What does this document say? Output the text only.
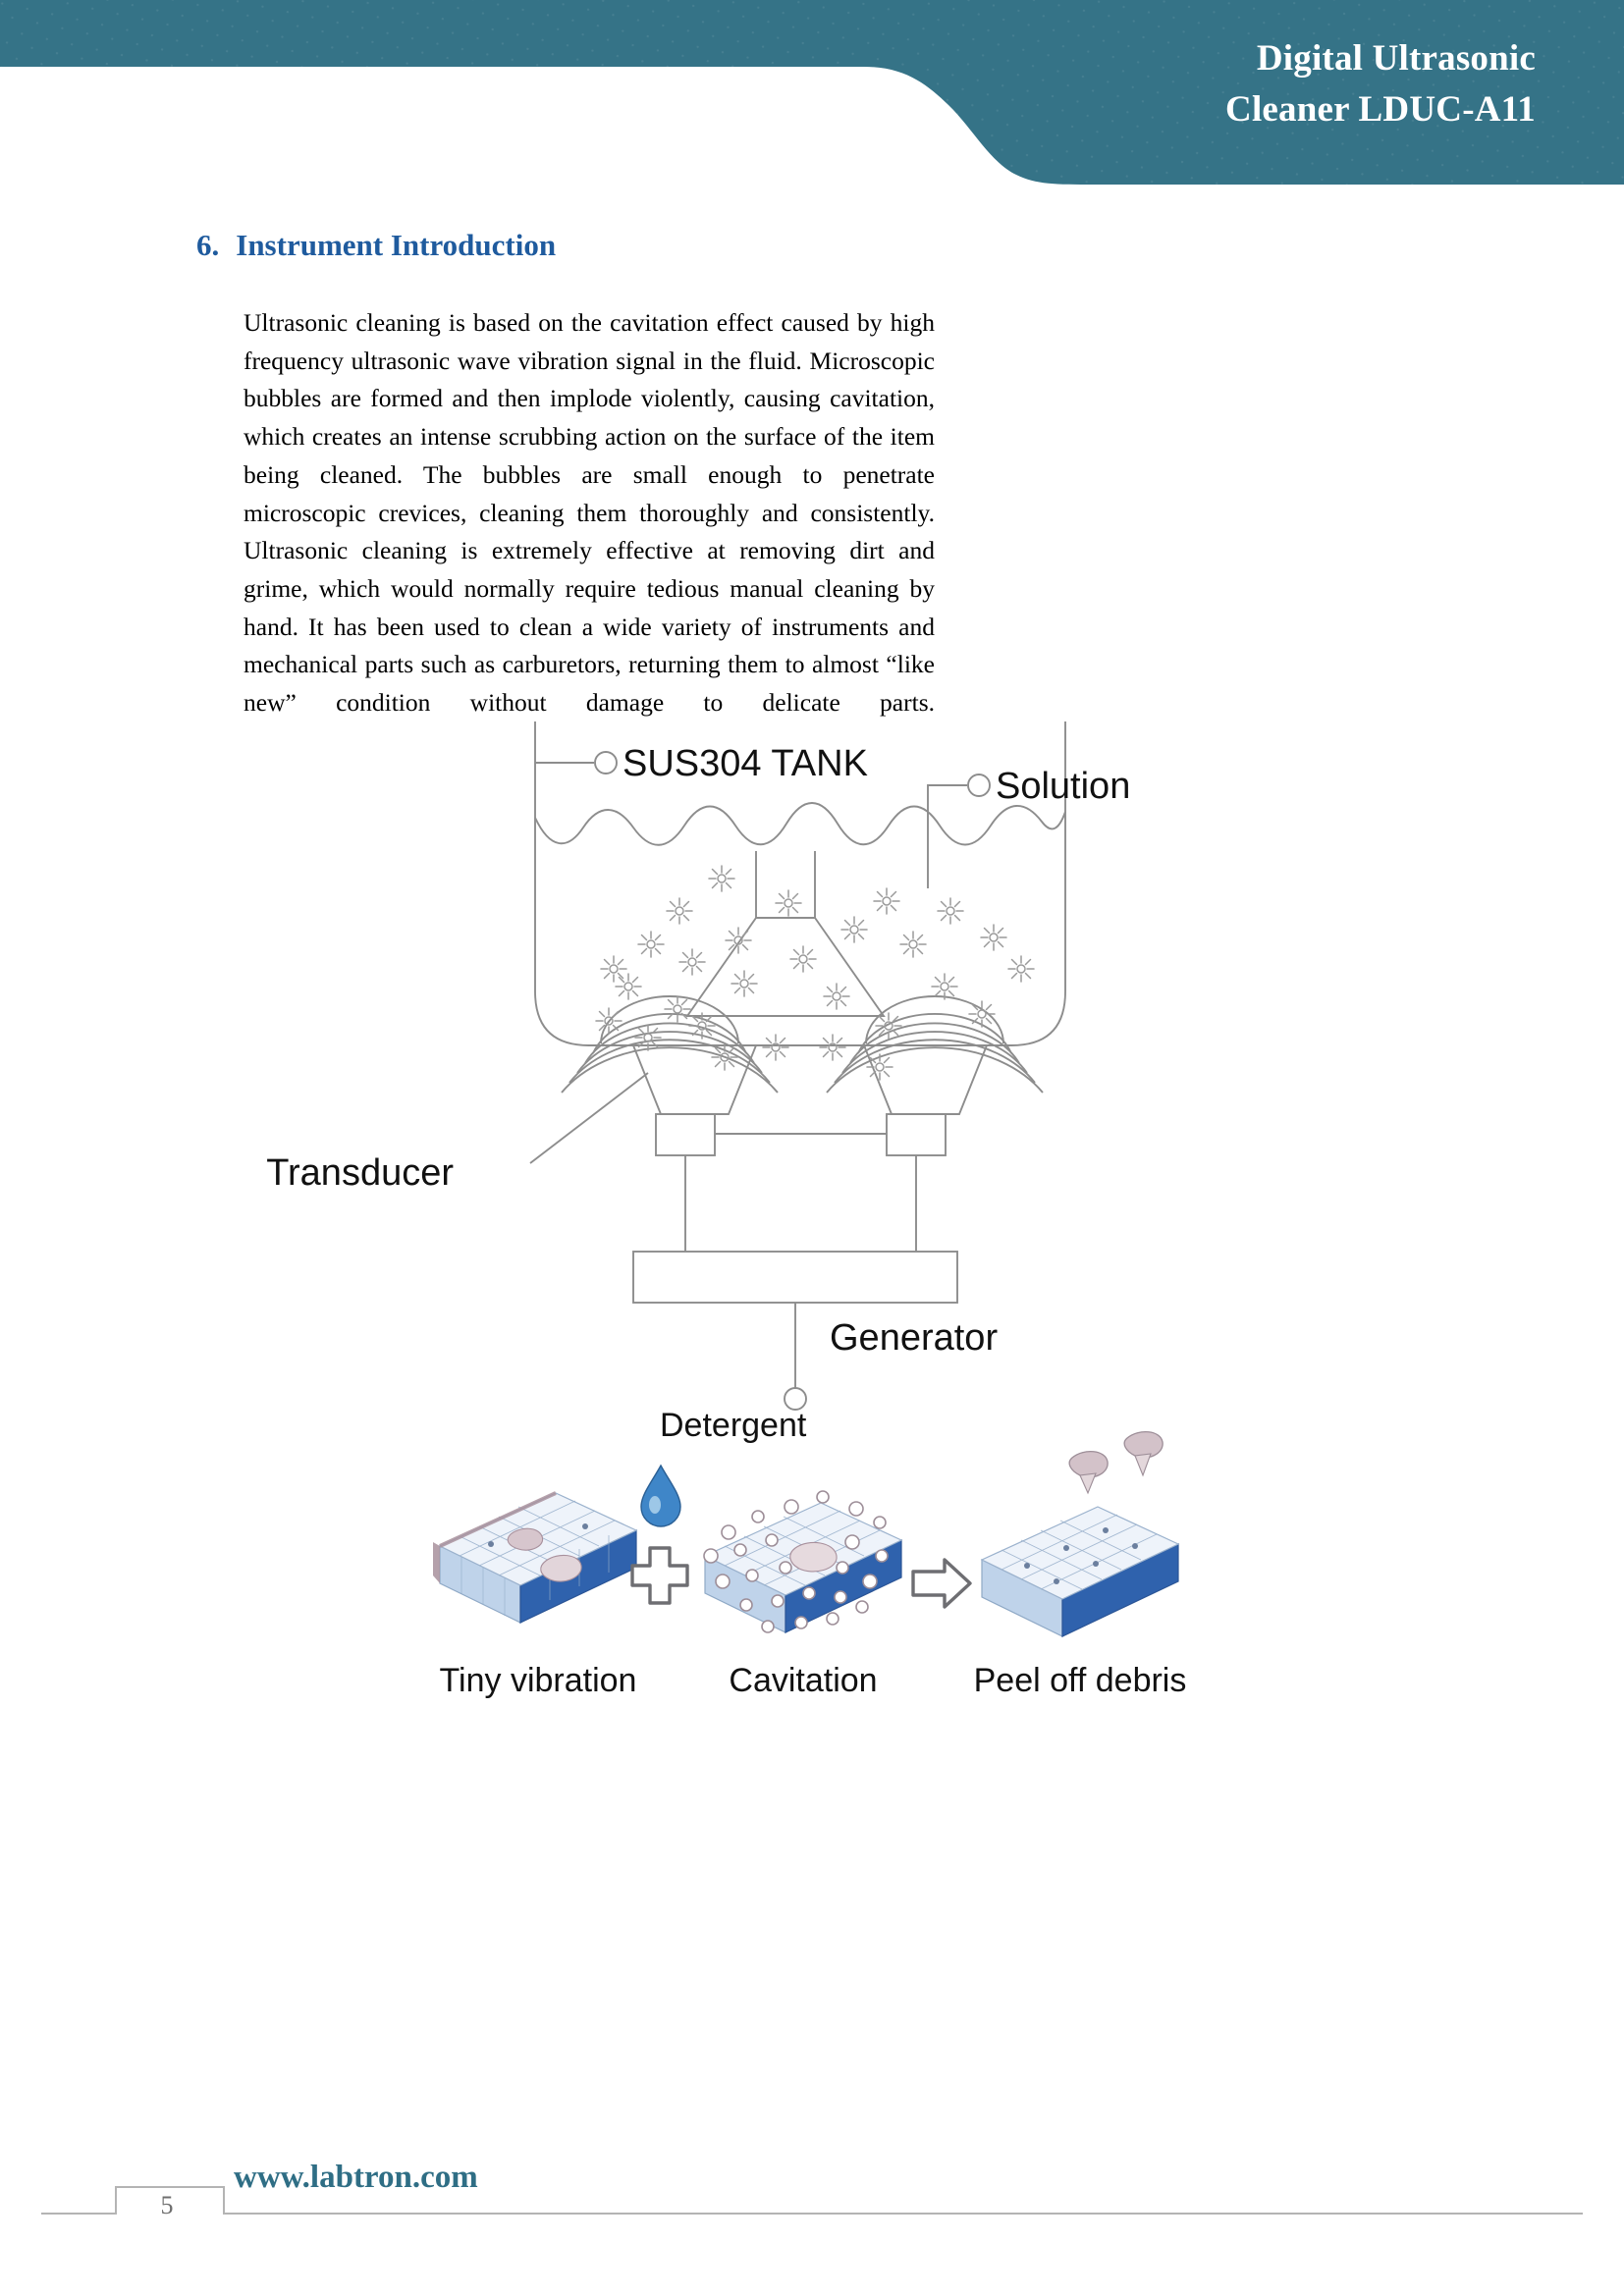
Digital Ultrasonic
Cleaner LDUC-A11
6. Instrument Introduction
Ultrasonic cleaning is based on the cavitation effect caused by high frequency ultrasonic wave vibration signal in the fluid. Microscopic bubbles are formed and then implode violently, causing cavitation, which creates an intense scrubbing action on the surface of the item being cleaned. The bubbles are small enough to penetrate microscopic crevices, cleaning them thoroughly and consistently. Ultrasonic cleaning is extremely effective at removing dirt and grime, which would normally require tedious manual cleaning by hand. It has been used to clean a wide variety of instruments and mechanical parts such as carburetors, returning them to almost “like new” condition without damage to delicate parts.
SUS304 TANK
Solution
Transducer
Generator
Detergent
Tiny vibration	Cavitation	Peel off debris
5
www.labtron.com
